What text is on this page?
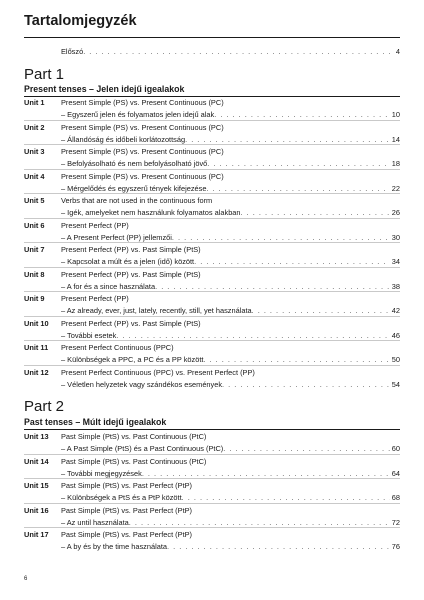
Tartalomjegyzék
Előszó . . .	4
Part 1
Present tenses – Jelen idejű igealakok
Unit 1 Present Simple (PS) vs. Present Continuous (PC)
– Egyszerű jelen és folyamatos jelen idejű alak . . .	10
Unit 2 Present Simple (PS) vs. Present Continuous (PC)
– Állandóság és időbeli korlátozottság . . .	14
Unit 3 Present Simple (PS) vs. Present Continuous (PC)
– Befolyásolható és nem befolyásolható jövő . . .	18
Unit 4 Present Simple (PS) vs. Present Continuous (PC)
– Mérgelődés és egyszerű tények kifejezése . . .	22
Unit 5 Verbs that are not used in the continuous form
– Igék, amelyeket nem használunk folyamatos alakban . . .	26
Unit 6 Present Perfect (PP)
– A Present Perfect (PP) jellemzői . . .	30
Unit 7 Present Perfect (PP) vs. Past Simple (PtS)
– Kapcsolat a múlt és a jelen (idő) között . . .	34
Unit 8 Present Perfect (PP) vs. Past Simple (PtS)
– A for és a since használata . . .	38
Unit 9 Present Perfect (PP)
– Az already, ever, just, lately, recently, still, yet használata . . .	42
Unit 10 Present Perfect (PP) vs. Past Simple (PtS)
– További esetek . . .	46
Unit 11 Present Perfect Continuous (PPC)
– Különbségek a PPC, a PC és a PP között . . .	50
Unit 12 Present Perfect Continuous (PPC) vs. Present Perfect (PP)
– Véletlen helyzetek vagy szándékos események . . .	54
Part 2
Past tenses – Múlt idejű igealakok
Unit 13 Past Simple (PtS) vs. Past Continuous (PtC)
– A Past Simple (PtS) és a Past Continuous (PtC) . . .	60
Unit 14 Past Simple (PtS) vs. Past Continuous (PtC)
– További megjegyzések . . .	64
Unit 15 Past Simple (PtS) vs. Past Perfect (PtP)
– Különbségek a PtS és a PtP között . . .	68
Unit 16 Past Simple (PtS) vs. Past Perfect (PtP)
– Az until használata . . .	72
Unit 17 Past Simple (PtS) vs. Past Perfect (PtP)
– A by és by the time használata . . .	76
6
